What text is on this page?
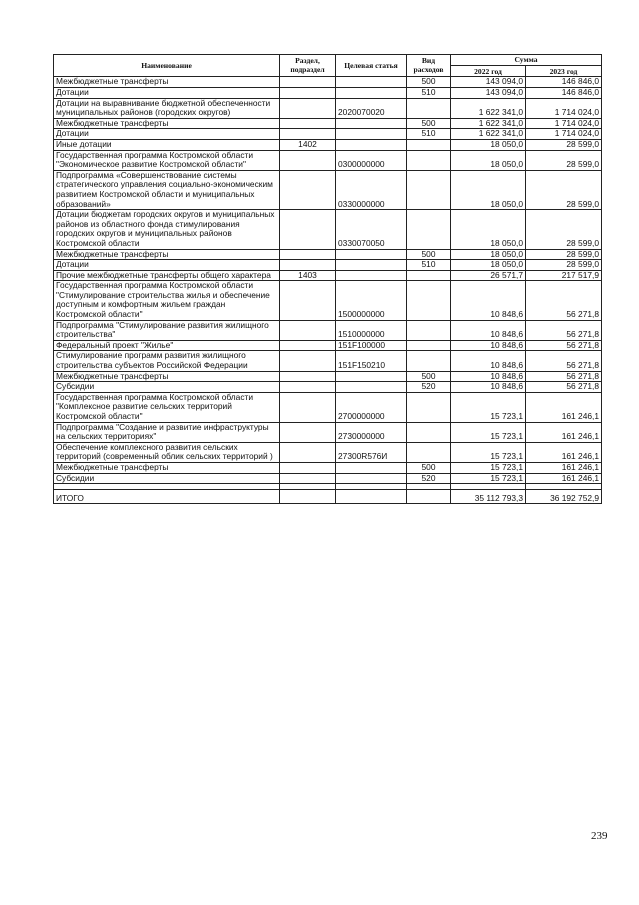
Наименование	Раздел, подраздел	Целевая статья	Вид расходов	Сумма	
				2022 год	2023 год
Межбюджетные трансферты			500	143 094,0	146 846,0
Дотации			510	143 094,0	146 846,0
Дотации на выравнивание бюджетной обеспеченности муниципальных районов (городских округов)		2020070020		1 622 341,0	1 714 024,0
Межбюджетные трансферты			500	1 622 341,0	1 714 024,0
Дотации			510	1 622 341,0	1 714 024,0
Иные дотации	1402			18 050,0	28 599,0
Государственная программа Костромской области "Экономическое развитие Костромской области"		0300000000		18 050,0	28 599,0
Подпрограмма «Совершенствование системы стратегического управления социально-экономическим развитием Костромской области и муниципальных образований»		0330000000		18 050,0	28 599,0
Дотации бюджетам городских округов и муниципальных районов из областного фонда стимулирования городских округов и муниципальных районов Костромской области		0330070050		18 050,0	28 599,0
Межбюджетные трансферты			500	18 050,0	28 599,0
Дотации			510	18 050,0	28 599,0
Прочие межбюджетные трансферты общего характера	1403			26 571,7	217 517,9
Государственная программа Костромской области "Стимулирование строительства жилья и обеспечение доступным и комфортным жильем граждан Костромской области"		1500000000		10 848,6	56 271,8
Подпрограмма "Стимулирование развития жилищного строительства"		1510000000		10 848,6	56 271,8
Федеральный проект "Жилье"		151F100000		10 848,6	56 271,8
Стимулирование программ развития жилищного строительства субъектов Российской Федерации		151F150210		10 848,6	56 271,8
Межбюджетные трансферты			500	10 848,6	56 271,8
Субсидии			520	10 848,6	56 271,8
Государственная программа Костромской области "Комплексное развитие сельских территорий Костромской области"		2700000000		15 723,1	161 246,1
Подпрограмма "Создание и развитие инфраструктуры на сельских территориях"		2730000000		15 723,1	161 246,1
Обеспечение комплексного развития сельских территорий (современный облик сельских территорий )		27300R576И		15 723,1	161 246,1
Межбюджетные трансферты			500	15 723,1	161 246,1
Субсидии			520	15 723,1	161 246,1

ИТОГО				35 112 793,3	36 192 752,9
239
